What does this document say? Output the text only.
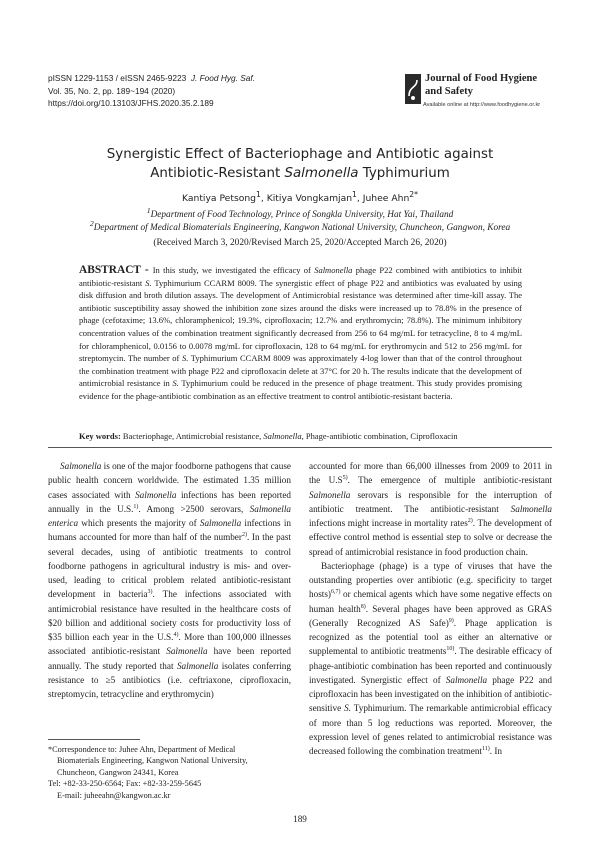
pISSN 1229-1153 / eISSN 2465-9223 J. Food Hyg. Saf.
Vol. 35, No. 2, pp. 189~194 (2020)
https://doi.org/10.13103/JFHS.2020.35.2.189
Journal of Food Hygiene
and Safety
Available online at http://www.foodhygiene.or.kr
Synergistic Effect of Bacteriophage and Antibiotic against
Antibiotic-Resistant Salmonella Typhimurium
Kantiya Petsong$^1$, Kitiya Vongkamjan$^1$, Juhee Ahn$^{2*}$
$^1$Department of Food Technology, Prince of Songkla University, Hat Yai, Thailand
$^2$Department of Medical Biomaterials Engineering, Kangwon National University, Chuncheon, Gangwon, Korea
(Received March 3, 2020/Revised March 25, 2020/Accepted March 26, 2020)
ABSTRACT - In this study, we investigated the efficacy of Salmonella phage P22 combined with antibiotics to inhibit antibiotic-resistant S. Typhimurium CCARM 8009. The synergistic effect of phage P22 and antibiotics was evaluated by using disk diffusion and broth dilution assays. The development of Antimicrobial resistance was determined after time-kill assay. The antibiotic susceptibility assay showed the inhibition zone sizes around the disks were increased up to 78.8% in the presence of phage (cefotaxime; 13.6%, chloramphenicol; 19.3%, ciprofloxacin; 12.7% and erythromycin; 78.8%). The minimum inhibitory concentration values of the combination treatment significantly decreased from 256 to 64 mg/mL for tetracycline, 8 to 4 mg/mL for chloramphenicol, 0.0156 to 0.0078 mg/mL for ciprofloxacin, 128 to 64 mg/mL for erythromycin and 512 to 256 mg/mL for streptomycin. The number of S. Typhimurium CCARM 8009 was approximately 4-log lower than that of the control throughout the combination treatment with phage P22 and ciprofloxacin delete at 37°C for 20 h. The results indicate that the development of antimicrobial resistance in S. Typhimurium could be reduced in the presence of phage treatment. This study provides promising evidence for the phage-antibiotic combination as an effective treatment to control antibiotic-resistant bacteria.
Key words: Bacteriophage, Antimicrobial resistance, Salmonella, Phage-antibiotic combination, Ciprofloxacin

Salmonella is one of the major foodborne pathogens that cause public health concern worldwide. The estimated 1.35 million cases associated with Salmonella infections has been reported annually in the U.S.$^{1)}$. Among >2500 serovars, Salmonella enterica which presents the majority of Salmonella infections in humans accounted for more than half of the number$^{2)}$. In the past several decades, using of antibiotic treatments to control foodborne pathogens in agricultural industry is mis- and over-used, leading to critical problem related antibiotic-resistant development in bacteria$^{3)}$. The infections associated with antimicrobial resistance have resulted in the healthcare costs of $20 billion and additional society costs for productivity loss of $35 billion each year in the U.S.$^{4)}$. More than 100,000 illnesses associated antibiotic-resistant Salmonella have been reported annually. The study reported that Salmonella isolates conferring resistance to ≥5 antibiotics (i.e. ceftriaxone, ciprofloxacin, streptomycin, tetracycline and erythromycin)

*Correspondence to: Juhee Ahn, Department of Medical
Biomaterials Engineering, Kangwon National University,
Chuncheon, Gangwon 24341, Korea
Tel: +82-33-250-6564; Fax: +82-33-259-5645
E-mail: juheeahn@kangwon.ac.kr

accounted for more than 66,000 illnesses from 2009 to 2011 in the $U.S^{5)}$. The emergence of multiple antibiotic-resistant Salmonella serovars is responsible for the interruption of antibiotic treatment. The antibiotic-resistant Salmonella infections might increase in mortality rates$^{2)}$. The development of effective control method is essential step to solve or decrease the spread of antimicrobial resistance in food production chain.

Bacteriophage (phage) is a type of viruses that have the outstanding properties over antibiotic (e.g. specificity to target hosts)$^{6,7)}$ or chemical agents which have some negative effects on human health$^{8)}$. Several phages have been approved as GRAS (Generally Recognized AS Safe)$^{9)}$. Phage application is recognized as the potential tool as either an alternative or supplemental to antibiotic treatments$^{10)}$. The desirable efficacy of phage-antibiotic combination has been reported and continuously investigated. Synergistic effect of Salmonella phage P22 and ciprofloxacin has been investigated on the inhibition of antibiotic-sensitive S. Typhimurium. The remarkable antimicrobial efficacy of more than 5 log reductions was reported. Moreover, the expression level of genes related to antimicrobial resistance was decreased following the combination treatment$^{11)}$. In

189
